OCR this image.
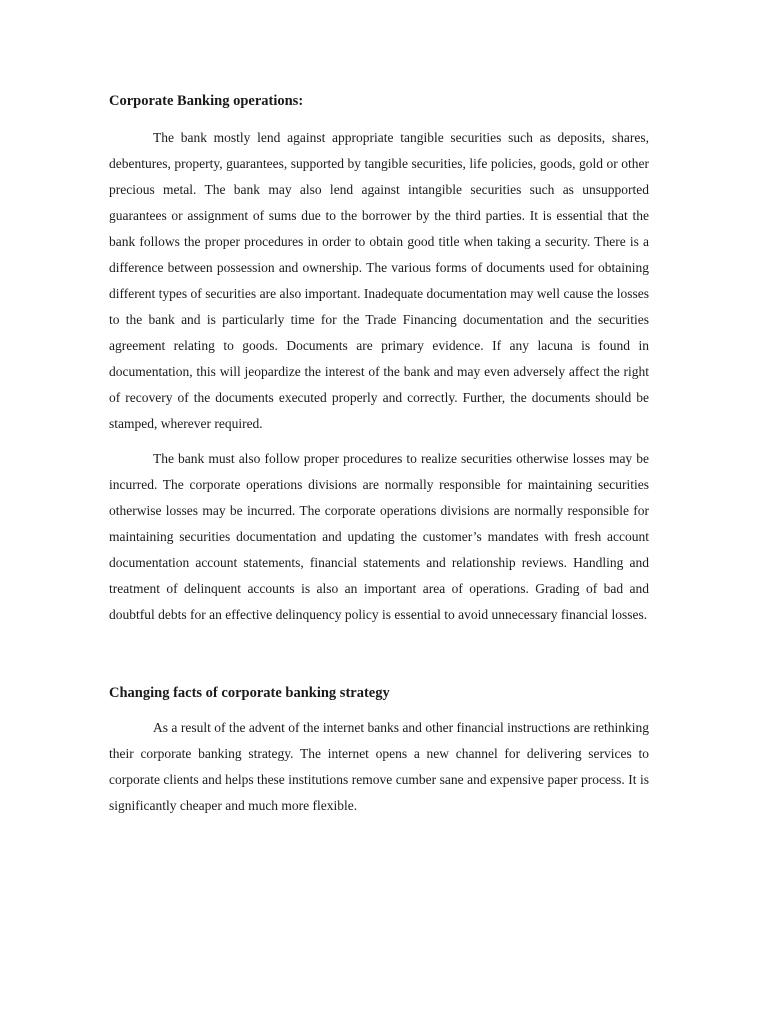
Corporate Banking operations:

The bank mostly lend against appropriate tangible securities such as deposits, shares, debentures, property, guarantees, supported by tangible securities, life policies, goods, gold or other precious metal. The bank may also lend against intangible securities such as unsupported guarantees or assignment of sums due to the borrower by the third parties. It is essential that the bank follows the proper procedures in order to obtain good title when taking a security. There is a difference between possession and ownership. The various forms of documents used for obtaining different types of securities are also important. Inadequate documentation may well cause the losses to the bank and is particularly time for the Trade Financing documentation and the securities agreement relating to goods. Documents are primary evidence. If any lacuna is found in documentation, this will jeopardize the interest of the bank and may even adversely affect the right of recovery of the documents executed properly and correctly. Further, the documents should be stamped, wherever required.

The bank must also follow proper procedures to realize securities otherwise losses may be incurred. The corporate operations divisions are normally responsible for maintaining securities otherwise losses may be incurred. The corporate operations divisions are normally responsible for maintaining securities documentation and updating the customer’s mandates with fresh account documentation account statements, financial statements and relationship reviews. Handling and treatment of delinquent accounts is also an important area of operations. Grading of bad and doubtful debts for an effective delinquency policy is essential to avoid unnecessary financial losses.

Changing facts of corporate banking strategy

As a result of the advent of the internet banks and other financial instructions are rethinking their corporate banking strategy. The internet opens a new channel for delivering services to corporate clients and helps these institutions remove cumber sane and expensive paper process. It is significantly cheaper and much more flexible.
